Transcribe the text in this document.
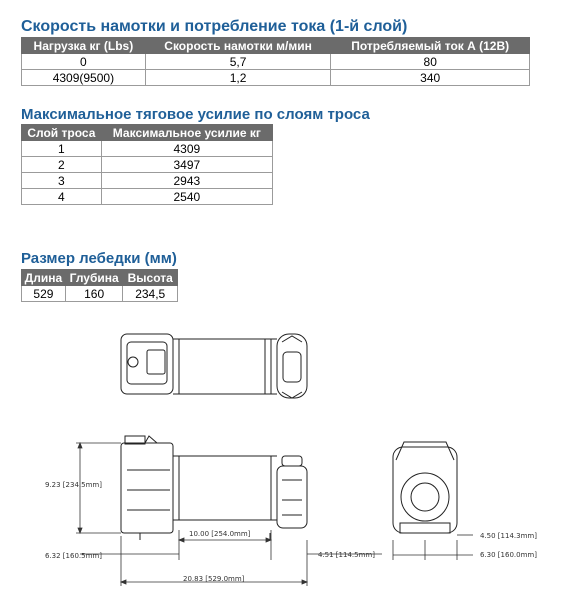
Скорость намотки и потребление тока (1-й слой)
Нагрузка кг (Lbs)	Скорость намотки м/мин	Потребляемый ток А (12В)
0	5,7	80
4309(9500)	1,2	340
Максимальное тяговое усилие по слоям троса
Слой троса	Максимальное усилие кг
1	4309
2	3497
3	2943
4	2540
Размер лебедки (мм)
Длина	Глубина	Высота
529	160	234,5
9.23 [234.5mm]
10.00 [254.0mm]
6.32 [160.5mm]	4.51 [114.5mm]
20.83 [529.0mm]
4.50 [114.3mm]
6.30 [160.0mm]
